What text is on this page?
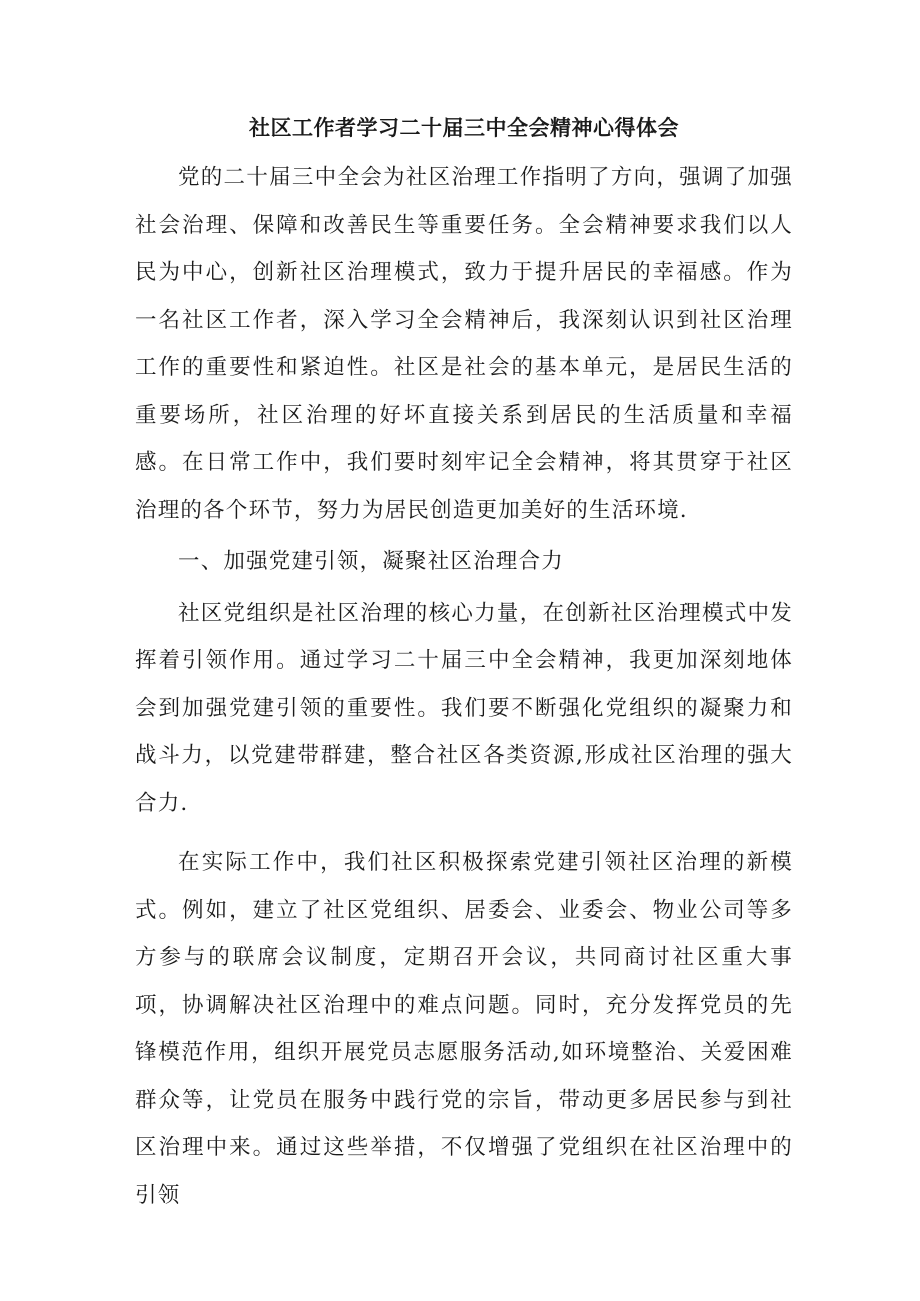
社区工作者学习二十届三中全会精神心得体会

党的二十届三中全会为社区治理工作指明了方向，强调了加强社会治理、保障和改善民生等重要任务。全会精神要求我们以人民为中心，创新社区治理模式，致力于提升居民的幸福感。作为一名社区工作者，深入学习全会精神后，我深刻认识到社区治理工作的重要性和紧迫性。社区是社会的基本单元，是居民生活的重要场所，社区治理的好坏直接关系到居民的生活质量和幸福感。在日常工作中，我们要时刻牢记全会精神，将其贯穿于社区治理的各个环节，努力为居民创造更加美好的生活环境.

一、加强党建引领，凝聚社区治理合力

社区党组织是社区治理的核心力量，在创新社区治理模式中发挥着引领作用。通过学习二十届三中全会精神，我更加深刻地体会到加强党建引领的重要性。我们要不断强化党组织的凝聚力和战斗力，以党建带群建，整合社区各类资源,形成社区治理的强大合力.

在实际工作中，我们社区积极探索党建引领社区治理的新模式。例如，建立了社区党组织、居委会、业委会、物业公司等多方参与的联席会议制度，定期召开会议，共同商讨社区重大事项，协调解决社区治理中的难点问题。同时，充分发挥党员的先锋模范作用，组织开展党员志愿服务活动,如环境整治、关爱困难群众等，让党员在服务中践行党的宗旨，带动更多居民参与到社区治理中来。通过这些举措，不仅增强了党组织在社区治理中的引领
